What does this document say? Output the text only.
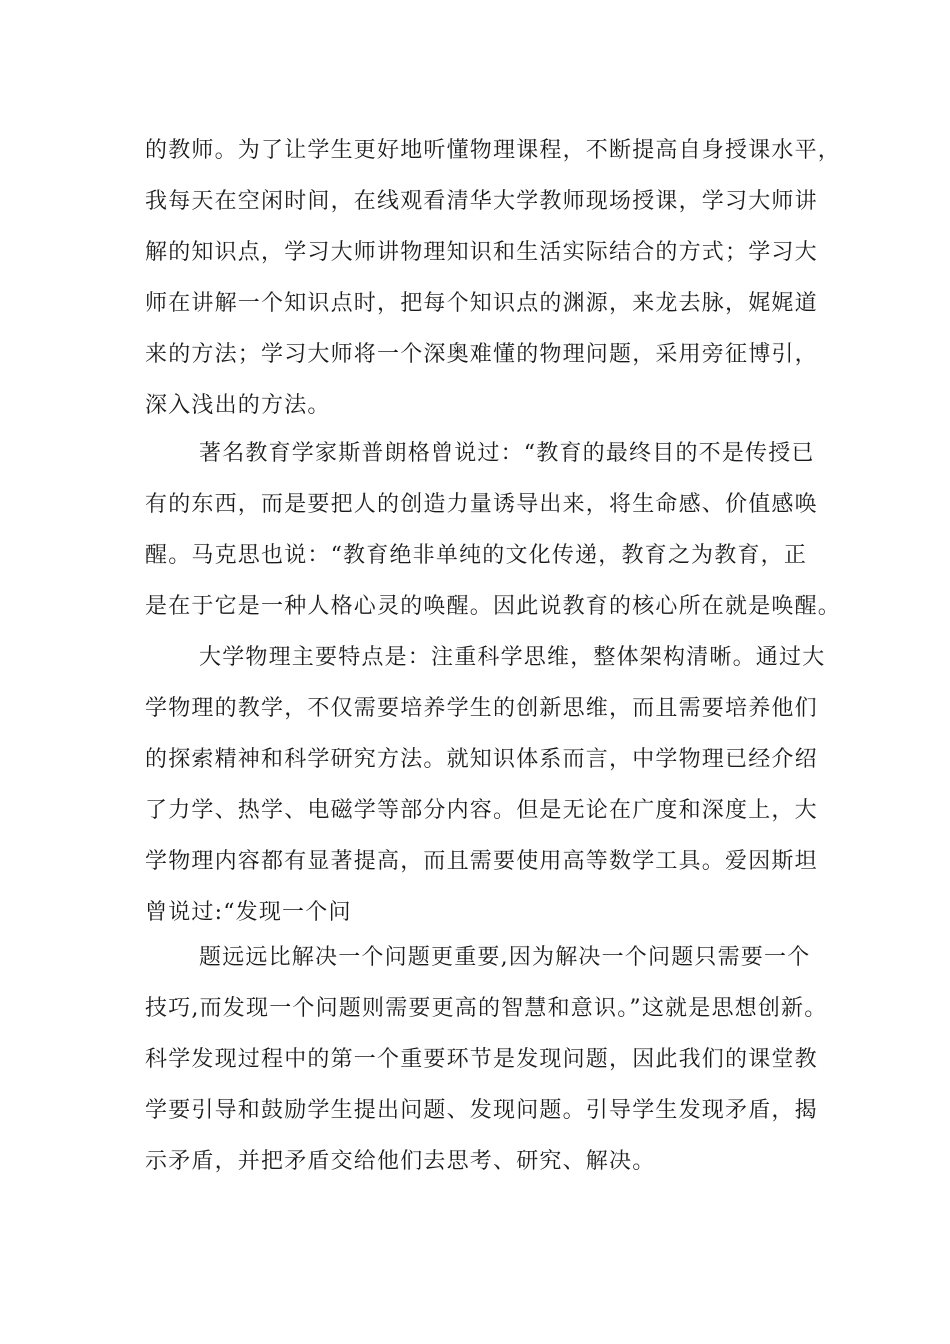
的教师。为了让学生更好地听懂物理课程，不断提高自身授课水平，
我每天在空闲时间，在线观看清华大学教师现场授课，学习大师讲
解的知识点，学习大师讲物理知识和生活实际结合的方式；学习大
师在讲解一个知识点时，把每个知识点的渊源，来龙去脉，娓娓道
来的方法；学习大师将一个深奥难懂的物理问题，采用旁征博引，
深入浅出的方法。
著名教育学家斯普朗格曾说过：“教育的最终目的不是传授已
有的东西，而是要把人的创造力量诱导出来，将生命感、价值感唤
醒。马克思也说：“教育绝非单纯的文化传递，教育之为教育，正
是在于它是一种人格心灵的唤醒。因此说教育的核心所在就是唤醒。
大学物理主要特点是：注重科学思维，整体架构清晰。通过大
学物理的教学，不仅需要培养学生的创新思维，而且需要培养他们
的探索精神和科学研究方法。就知识体系而言，中学物理已经介绍
了力学、热学、电磁学等部分内容。但是无论在广度和深度上，大
学物理内容都有显著提高，而且需要使用高等数学工具。爱因斯坦
曾说过:“发现一个问
题远远比解决一个问题更重要,因为解决一个问题只需要一个
技巧,而发现一个问题则需要更高的智慧和意识。”这就是思想创新。
科学发现过程中的第一个重要环节是发现问题，因此我们的课堂教
学要引导和鼓励学生提出问题、发现问题。引导学生发现矛盾，揭
示矛盾，并把矛盾交给他们去思考、研究、解决。
